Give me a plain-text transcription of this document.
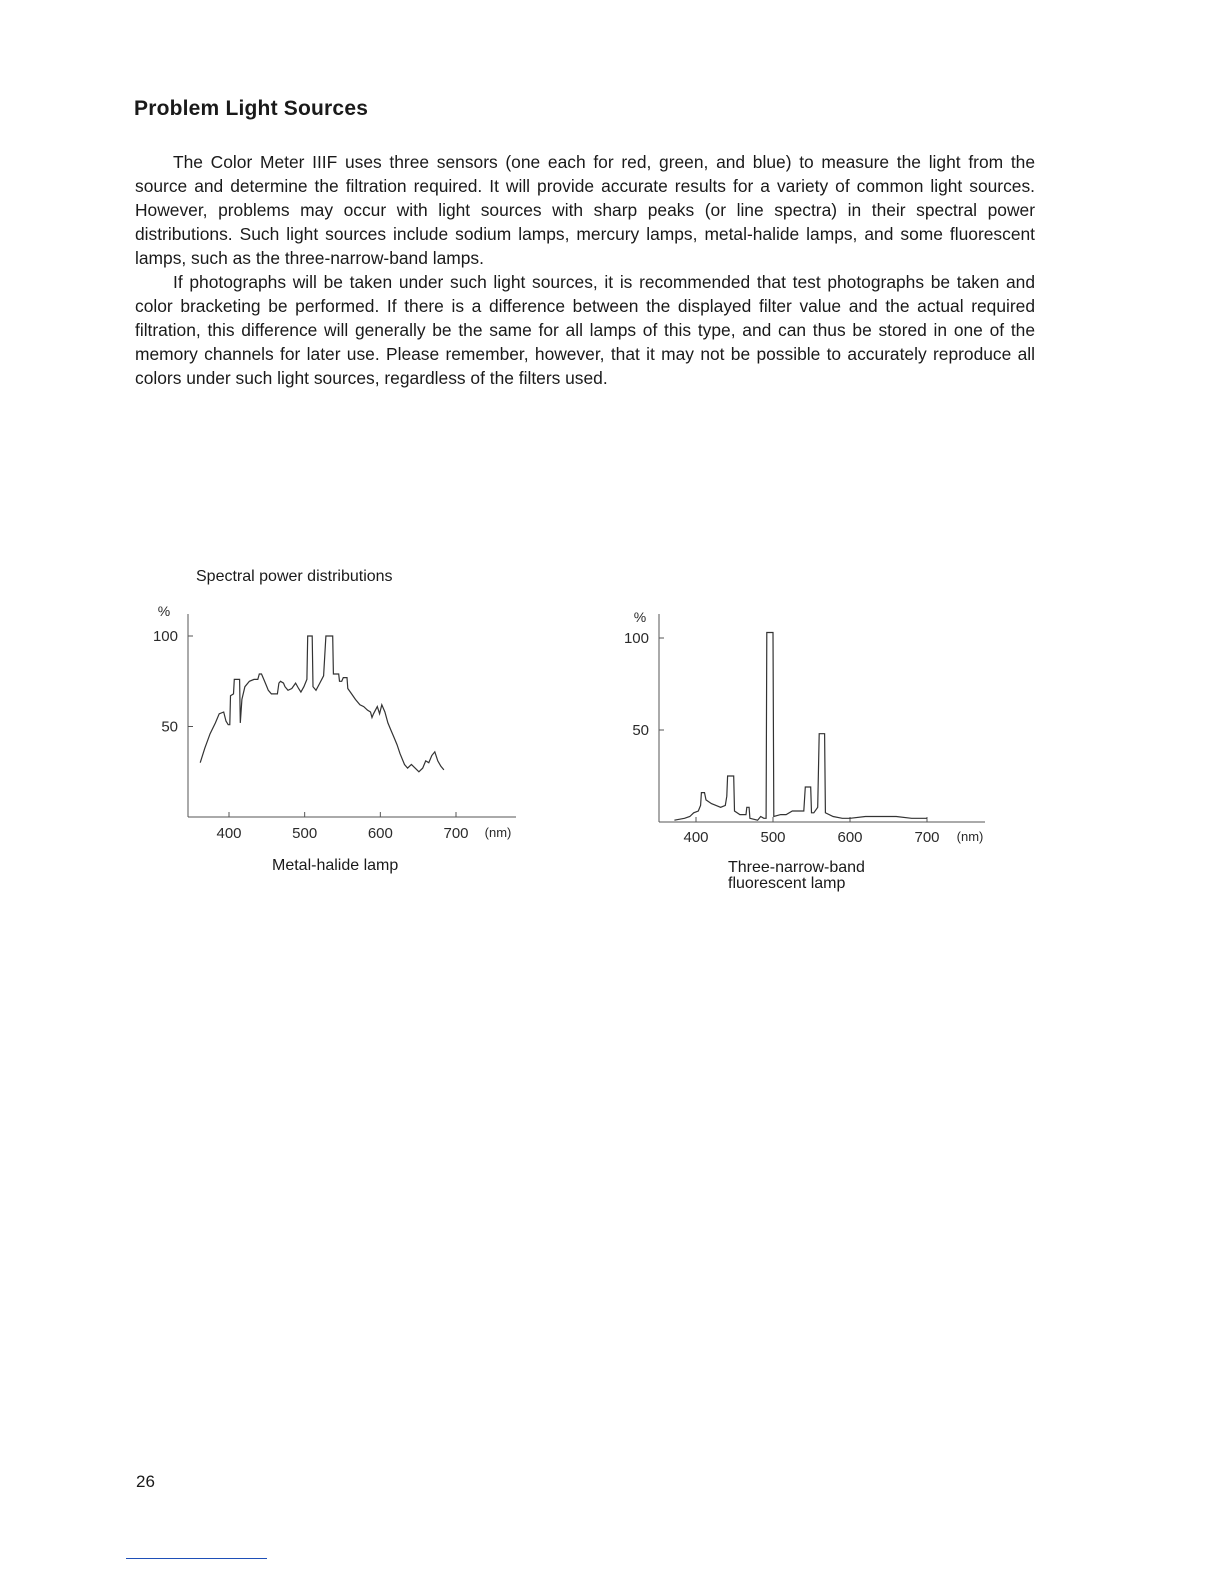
Problem Light Sources

The Color Meter IIIF uses three sensors (one each for red, green, and blue) to measure the light from the source and determine the filtration required. It will provide accurate results for a variety of common light sources. However, problems may occur with light sources with sharp peaks (or line spectra) in their spectral power distributions. Such light sources include sodium lamps, mercury lamps, metal-halide lamps, and some fluorescent lamps, such as the three-narrow-band lamps.

If photographs will be taken under such light sources, it is recommended that test photographs be taken and color bracketing be performed. If there is a difference between the displayed filter value and the actual required filtration, this difference will generally be the same for all lamps of this type, and can thus be stored in one of the memory channels for later use. Please remember, however, that it may not be possible to accurately reproduce all colors under such light sources, regardless of the filters used.

Spectral power distributions

50
100
%
400	500	600	700 (nm)
50
100
%
400	500	600	700 (nm)

Metal-halide lamp	Three-narrow-band
fluorescent lamp

26
